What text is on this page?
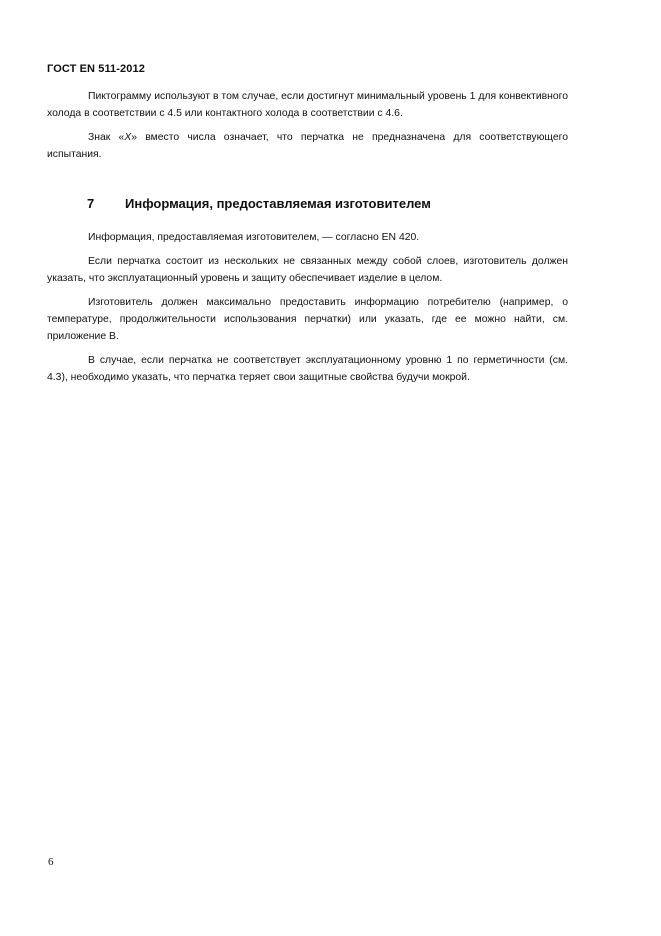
ГОСТ EN 511-2012

Пиктограмму используют в том случае, если достигнут минимальный уровень 1 для конвективного холода в соответствии с 4.5 или контактного холода в соответствии с 4.6.

Знак «X» вместо числа означает, что перчатка не предназначена для соответствующего испытания.

7 Информация, предоставляемая изготовителем

Информация, предоставляемая изготовителем, — согласно EN 420.

Если перчатка состоит из нескольких не связанных между собой слоев, изготовитель должен указать, что эксплуатационный уровень и защиту обеспечивает изделие в целом.

Изготовитель должен максимально предоставить информацию потребителю (например, о температуре, продолжительности использования перчатки) или указать, где ее можно найти, см. приложение В.

В случае, если перчатка не соответствует эксплуатационному уровню 1 по герметичности (см. 4.3), необходимо указать, что перчатка теряет свои защитные свойства будучи мокрой.

6
